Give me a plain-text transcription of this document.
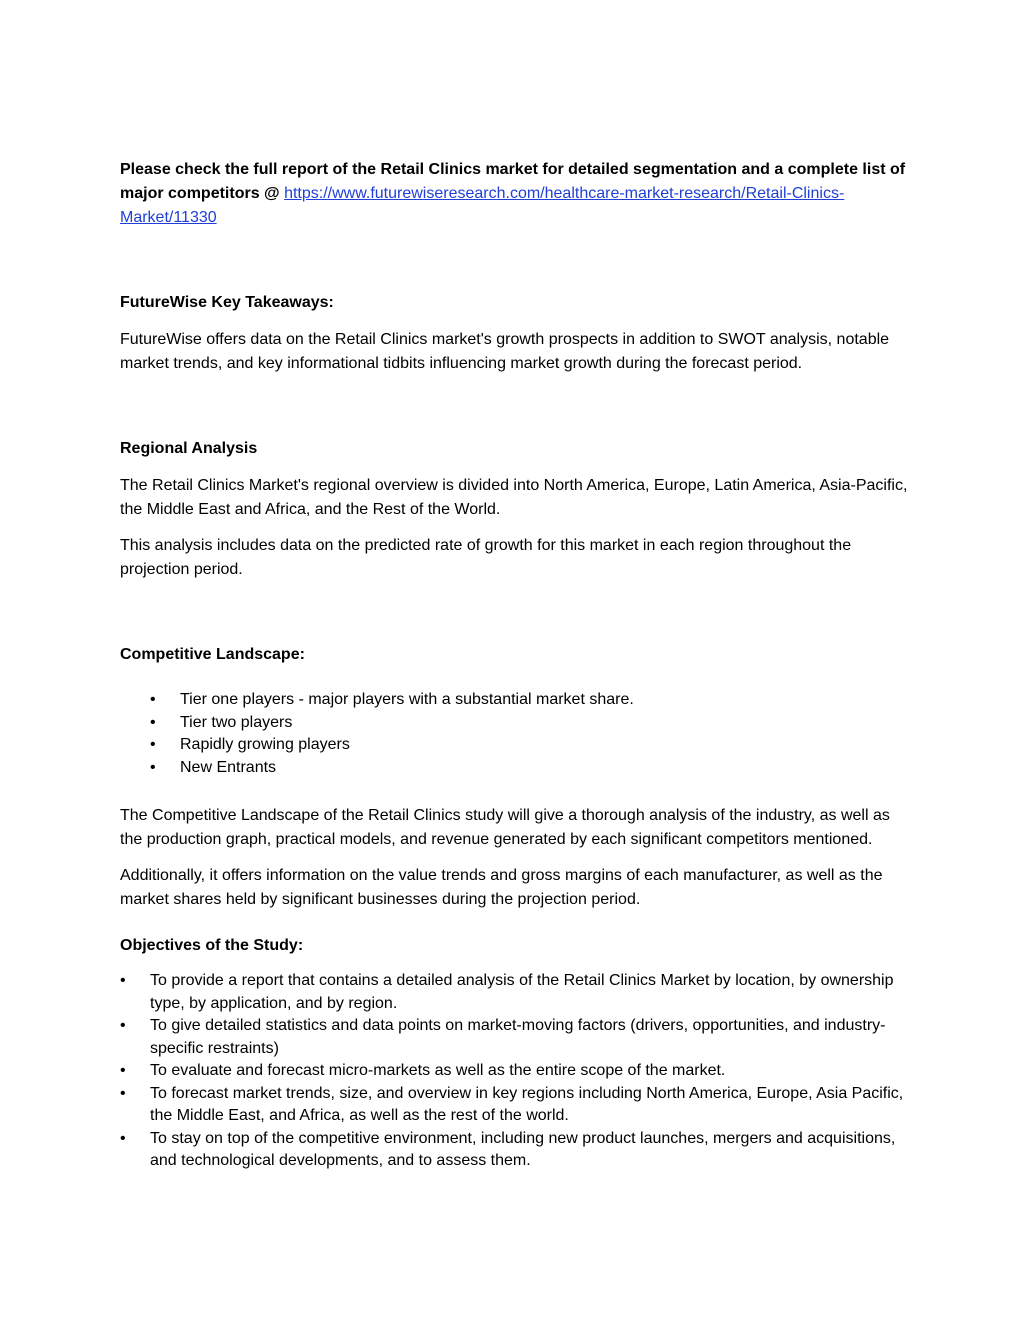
Please check the full report of the Retail Clinics market for detailed segmentation and a complete list of major competitors @ https://www.futurewiseresearch.com/healthcare-market-research/Retail-Clinics-Market/11330

FutureWise Key Takeaways:

FutureWise offers data on the Retail Clinics market's growth prospects in addition to SWOT analysis, notable market trends, and key informational tidbits influencing market growth during the forecast period.

Regional Analysis

The Retail Clinics Market's regional overview is divided into North America, Europe, Latin America, Asia-Pacific, the Middle East and Africa, and the Rest of the World.

This analysis includes data on the predicted rate of growth for this market in each region throughout the projection period.

Competitive Landscape:

• Tier one players - major players with a substantial market share.
• Tier two players
• Rapidly growing players
• New Entrants

The Competitive Landscape of the Retail Clinics study will give a thorough analysis of the industry, as well as the production graph, practical models, and revenue generated by each significant competitors mentioned.

Additionally, it offers information on the value trends and gross margins of each manufacturer, as well as the market shares held by significant businesses during the projection period.

Objectives of the Study:

• To provide a report that contains a detailed analysis of the Retail Clinics Market by location, by ownership type, by application, and by region.
• To give detailed statistics and data points on market-moving factors (drivers, opportunities, and industry-specific restraints)
• To evaluate and forecast micro-markets as well as the entire scope of the market.
• To forecast market trends, size, and overview in key regions including North America, Europe, Asia Pacific, the Middle East, and Africa, as well as the rest of the world.
• To stay on top of the competitive environment, including new product launches, mergers and acquisitions, and technological developments, and to assess them.
